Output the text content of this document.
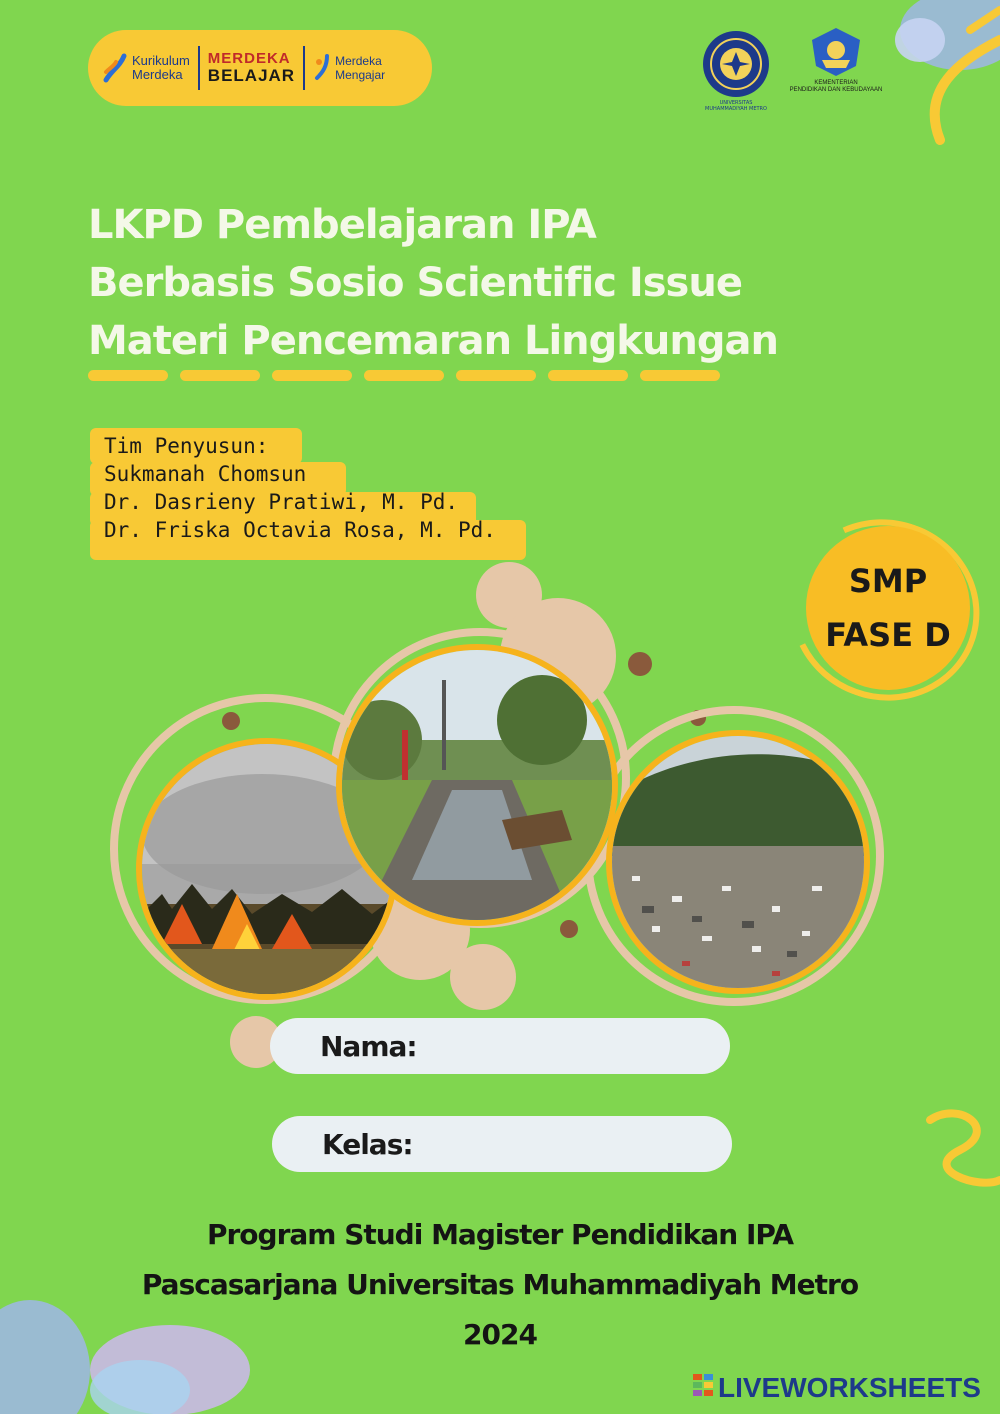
Kurikulum
Merdeka
MERDEKA
BELAJAR
Merdeka
Mengajar
UNIVERSITAS MUHAMMADIYAH METRO
KEMENTERIAN
PENDIDIKAN DAN KEBUDAYAAN
LKPD Pembelajaran IPA
Berbasis Sosio Scientific Issue
Materi Pencemaran Lingkungan
Tim Penyusun:
Sukmanah Chomsun
Dr. Dasrieny Pratiwi, M. Pd.
Dr. Friska Octavia Rosa, M. Pd.
SMP
FASE D
Nama:
Kelas:
Program Studi Magister Pendidikan IPA
Pascasarjana Universitas Muhammadiyah Metro
2024
LIVEWORKSHEETS
